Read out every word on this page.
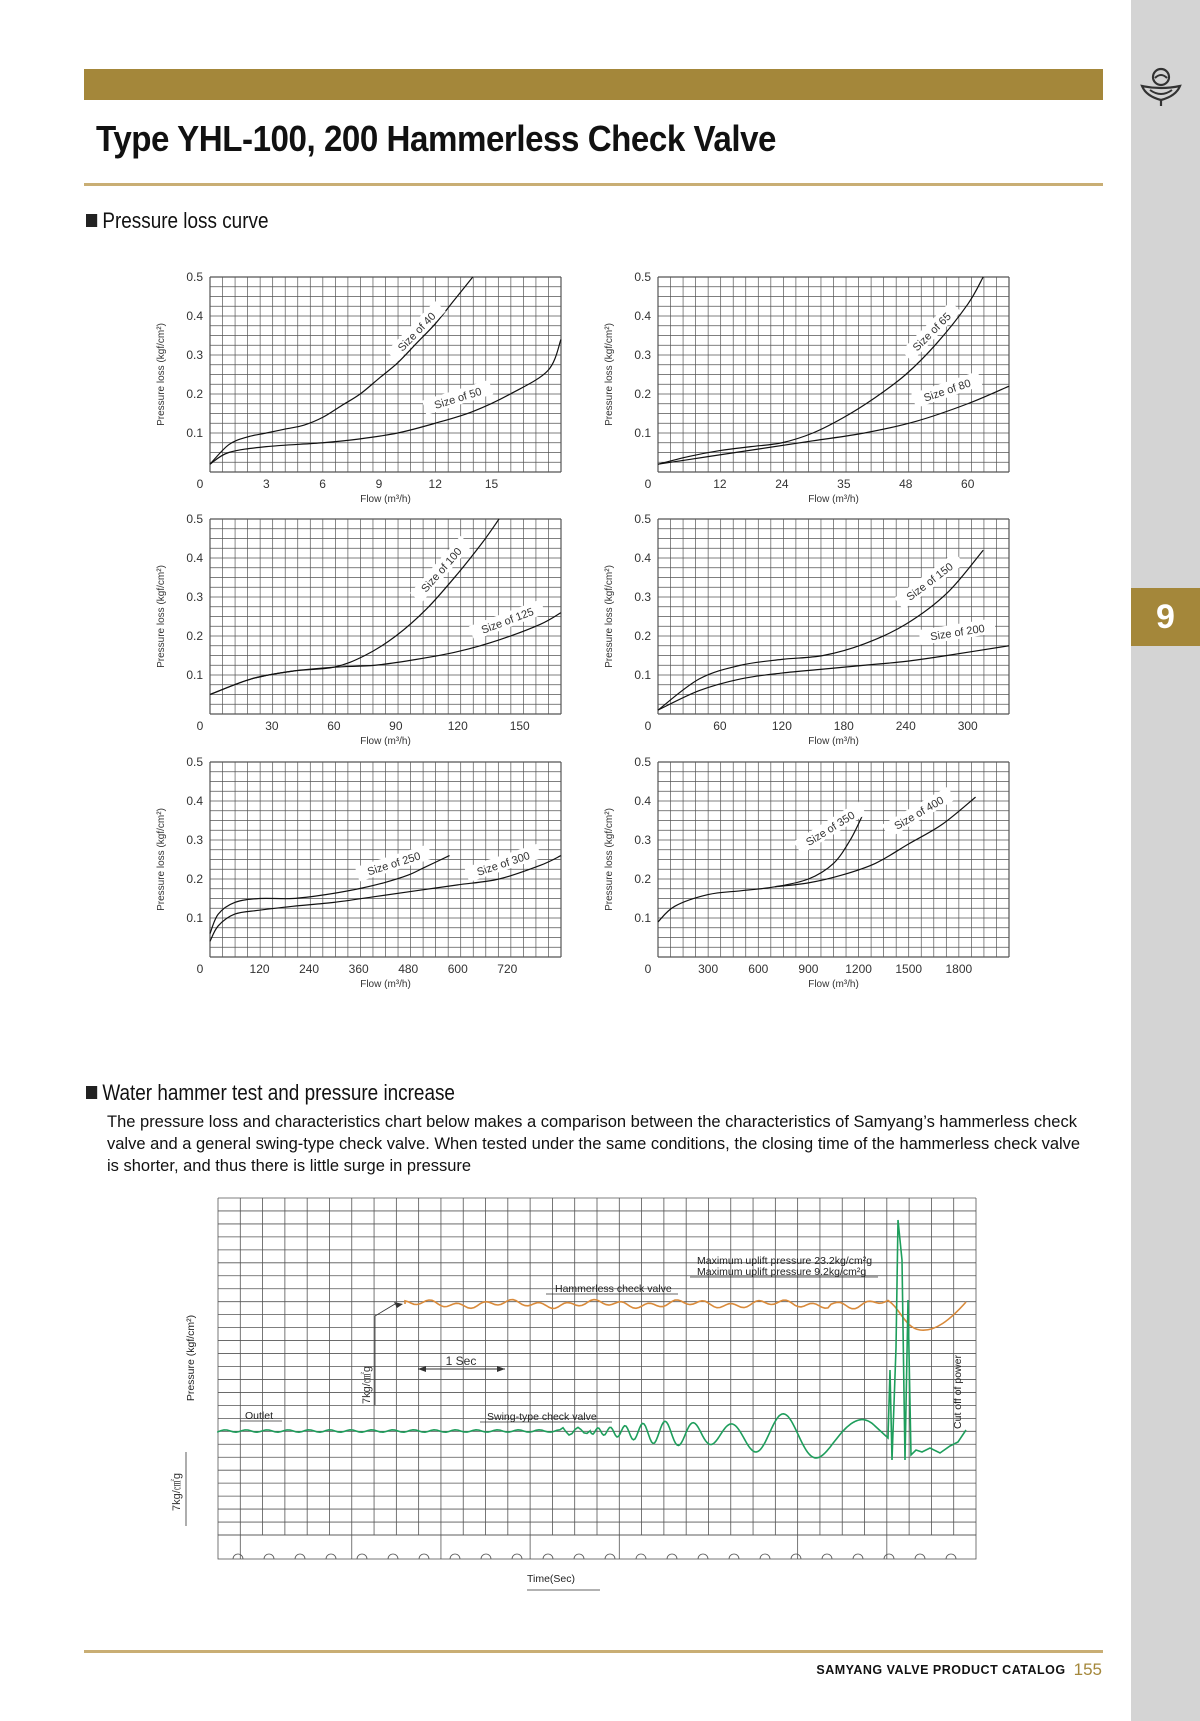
9
Type YHL-100, 200 Hammerless Check Valve
Pressure loss curve
0.1
0.2
0.3
0.4
0.5
0	3	6	9	12	15
Flow (m³/h)
Pressure loss (kgf/cm²)	Size of 40
Size of 50
0.1
0.2
0.3
0.4
0.5
0	12	24	35	48	60
Flow (m³/h)
Pressure loss (kgf/cm²)	Size of 65
Size of 80
0.1
0.2
0.3
0.4
0.5
0	30	60	90	120	150
Flow (m³/h)
Pressure loss (kgf/cm²)	Size of 100
Size of 125
0.1
0.2
0.3
0.4
0.5
0	60	120	180	240	300
Flow (m³/h)
Pressure loss (kgf/cm²)	Size of 150
Size of 200
0.1
0.2
0.3
0.4
0.5
0	120 240 360 480 600 720
Flow (m³/h)
Pressure loss (kgf/cm²)	Size of 250	Size of 300
0.1
0.2
0.3
0.4
0.5
0	300	600	900 1200 1500 1800
Flow (m³/h)
Pressure loss (kgf/cm²)	Size of 350	Size of 400
Water hammer test and pressure increase
The pressure loss and characteristics chart below makes a comparison between the characteristics of Samyang’s hammerless check valve and a general swing-type check valve. When tested under the same conditions, the closing time of the hammerless check valve is shorter, and thus there is little surge in pressure
Maximum uplift pressure 23.2kg/cm²g
Maximum uplift pressure 9.2kg/cm²g
Hammerless check valve
Swing-type check valve
Outlet
1 Sec
7kg/㎠g	Cut off of power
Pressure (kgf/cm²)
7kg/㎠g
Time(Sec)
SAMYANG VALVE PRODUCT CATALOG 155
